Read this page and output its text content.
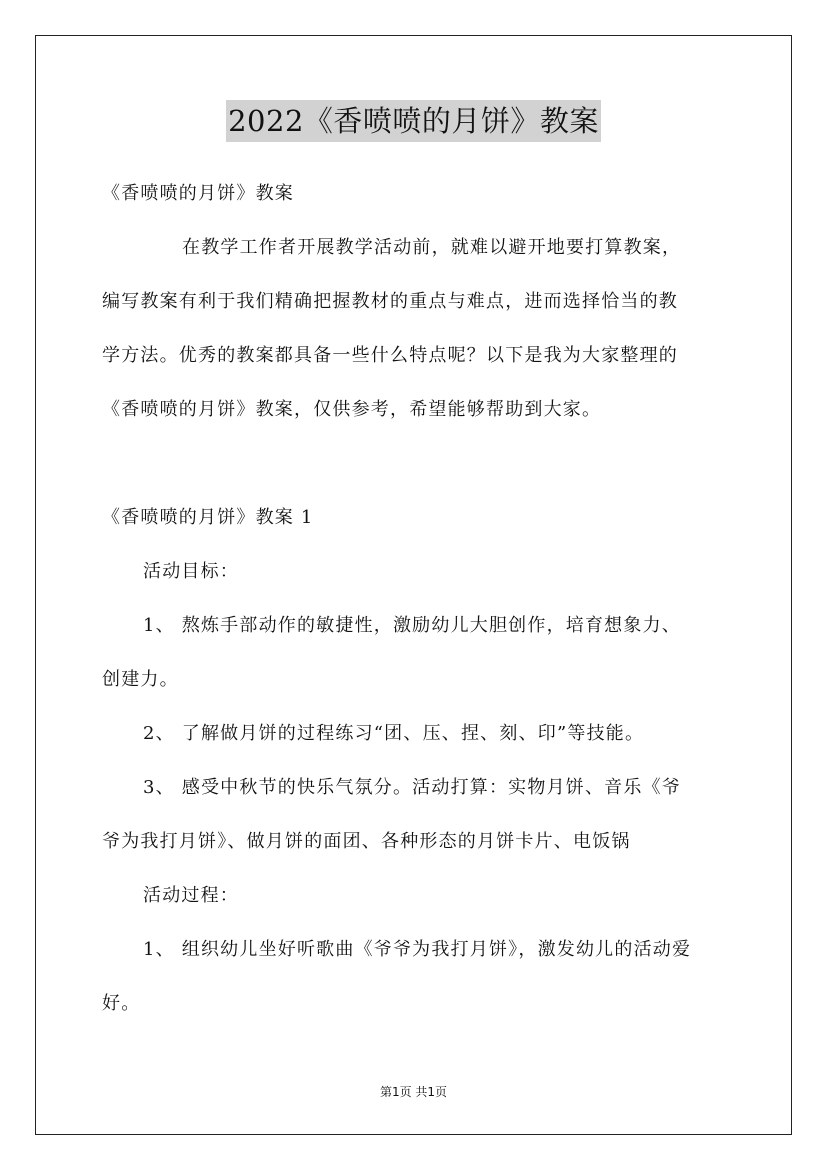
2022《香喷喷的月饼》教案
《香喷喷的月饼》教案
在教学工作者开展教学活动前，就难以避开地要打算教案，
编写教案有利于我们精确把握教材的重点与难点，进而选择恰当的教
学方法。优秀的教案都具备一些什么特点呢？以下是我为大家整理的
《香喷喷的月饼》教案，仅供参考，希望能够帮助到大家。
《香喷喷的月饼》教案 1
活动目标：
1、 熬炼手部动作的敏捷性，激励幼儿大胆创作，培育想象力、
创建力。
2、 了解做月饼的过程练习“团、压、捏、刻、印”等技能。
3、 感受中秋节的快乐气氛分。活动打算：实物月饼、音乐《爷
爷为我打月饼》、做月饼的面团、各种形态的月饼卡片、电饭锅
活动过程：
1、 组织幼儿坐好听歌曲《爷爷为我打月饼》，激发幼儿的活动爱
好。
第1页 共1页
